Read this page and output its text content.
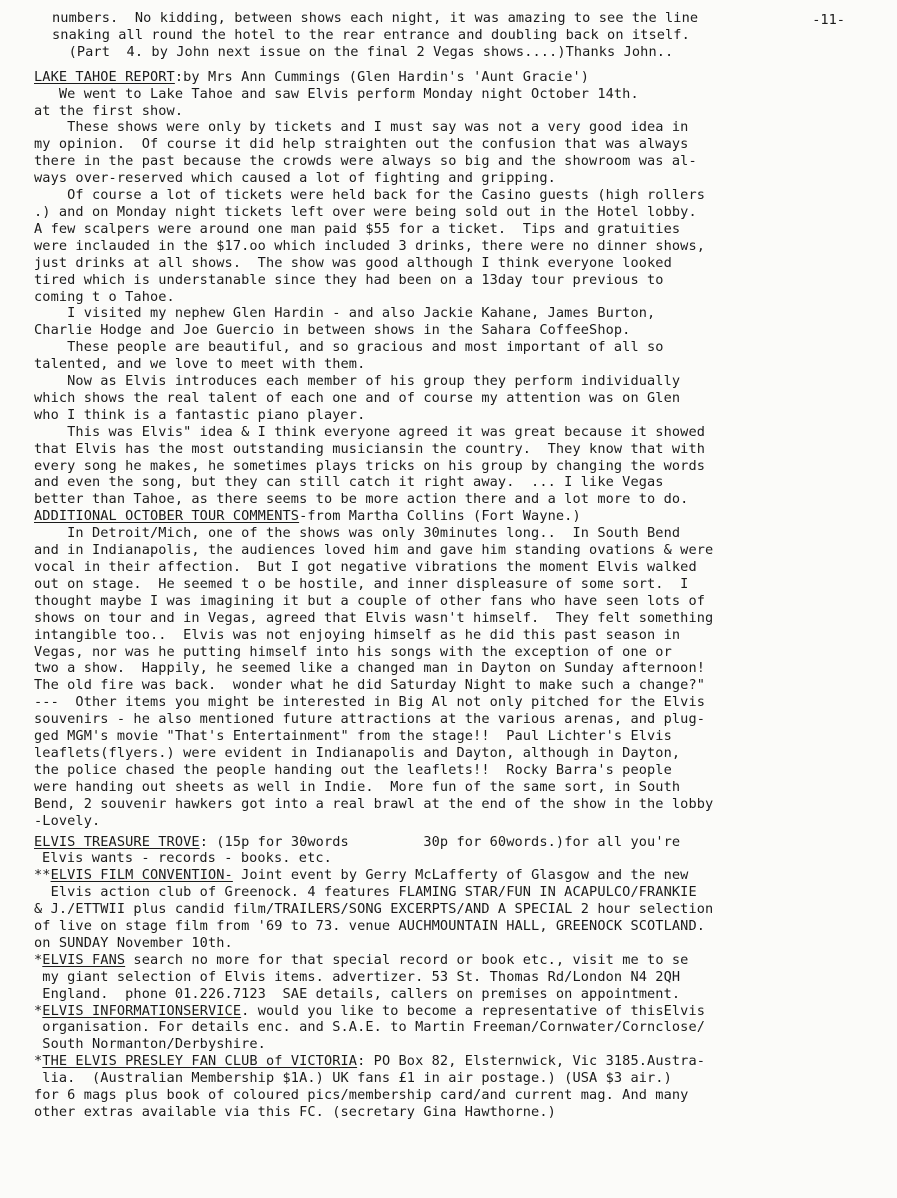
-11-
numbers.  No kidding, between shows each night, it was amazing to see the line
snaking all round the hotel to the rear entrance and doubling back on itself.
(Part  4. by John next issue on the final 2 Vegas shows....)Thanks John..
LAKE TAHOE REPORT:by Mrs Ann Cummings (Glen Hardin's 'Aunt Gracie')
We went to Lake Tahoe and saw Elvis perform Monday night October 14th.
at the first show.
These shows were only by tickets and I must say was not a very good idea in
my opinion.  Of course it did help straighten out the confusion that was always
there in the past because the crowds were always so big and the showroom was al-
ways over-reserved which caused a lot of fighting and gripping.
Of course a lot of tickets were held back for the Casino guests (high rollers
.) and on Monday night tickets left over were being sold out in the Hotel lobby.
A few scalpers were around one man paid $55 for a ticket.  Tips and gratuities
were inclauded in the $17.oo which included 3 drinks, there were no dinner shows,
just drinks at all shows.  The show was good although I think everyone looked
tired which is understanable since they had been on a 13day tour previous to
coming t o Tahoe.
I visited my nephew Glen Hardin - and also Jackie Kahane, James Burton,
Charlie Hodge and Joe Guercio in between shows in the Sahara CoffeeShop.
These people are beautiful, and so gracious and most important of all so
talented, and we love to meet with them.
Now as Elvis introduces each member of his group they perform individually
which shows the real talent of each one and of course my attention was on Glen
who I think is a fantastic piano player.
This was Elvis" idea & I think everyone agreed it was great because it showed
that Elvis has the most outstanding musiciansin the country.  They know that with
every song he makes, he sometimes plays tricks on his group by changing the words
and even the song, but they can still catch it right away.  ... I like Vegas
better than Tahoe, as there seems to be more action there and a lot more to do.
ADDITIONAL OCTOBER TOUR COMMENTS-from Martha Collins (Fort Wayne.)
In Detroit/Mich, one of the shows was only 30minutes long..  In South Bend
and in Indianapolis, the audiences loved him and gave him standing ovations & were
vocal in their affection.  But I got negative vibrations the moment Elvis walked
out on stage.  He seemed t o be hostile, and inner displeasure of some sort.  I
thought maybe I was imagining it but a couple of other fans who have seen lots of
shows on tour and in Vegas, agreed that Elvis wasn't himself.  They felt something
intangible too..  Elvis was not enjoying himself as he did this past season in
Vegas, nor was he putting himself into his songs with the exception of one or
two a show.  Happily, he seemed like a changed man in Dayton on Sunday afternoon!
The old fire was back.  wonder what he did Saturday Night to make such a change?"
---  Other items you might be interested in Big Al not only pitched for the Elvis
souvenirs - he also mentioned future attractions at the various arenas, and plug-
ged MGM's movie "That's Entertainment" from the stage!!  Paul Lichter's Elvis
leaflets(flyers.) were evident in Indianapolis and Dayton, although in Dayton,
the police chased the people handing out the leaflets!!  Rocky Barra's people
were handing out sheets as well in Indie.  More fun of the same sort, in South
Bend, 2 souvenir hawkers got into a real brawl at the end of the show in the lobby
-Lovely.
ELVIS TREASURE TROVE: (15p for 30words         30p for 60words.)for all you're
Elvis wants - records - books. etc.
**ELVIS FILM CONVENTION- Joint event by Gerry McLafferty of Glasgow and the new
Elvis action club of Greenock. 4 features FLAMING STAR/FUN IN ACAPULCO/FRANKIE
& J./ETTWII plus candid film/TRAILERS/SONG EXCERPTS/AND A SPECIAL 2 hour selection
of live on stage film from '69 to 73. venue AUCHMOUNTAIN HALL, GREENOCK SCOTLAND.
on SUNDAY November 10th.
*ELVIS FANS search no more for that special record or book etc., visit me to se
my giant selection of Elvis items. advertizer. 53 St. Thomas Rd/London N4 2QH
England.  phone 01.226.7123  SAE details, callers on premises on appointment.
*ELVIS INFORMATIONSERVICE. would you like to become a representative of thisElvis
organisation. For details enc. and S.A.E. to Martin Freeman/Cornwater/Cornclose/
South Normanton/Derbyshire.
*THE ELVIS PRESLEY FAN CLUB of VICTORIA: PO Box 82, Elsternwick, Vic 3185.Austra-
lia.  (Australian Membership $1A.) UK fans £1 in air postage.) (USA $3 air.)
for 6 mags plus book of coloured pics/membership card/and current mag. And many
other extras available via this FC. (secretary Gina Hawthorne.)
